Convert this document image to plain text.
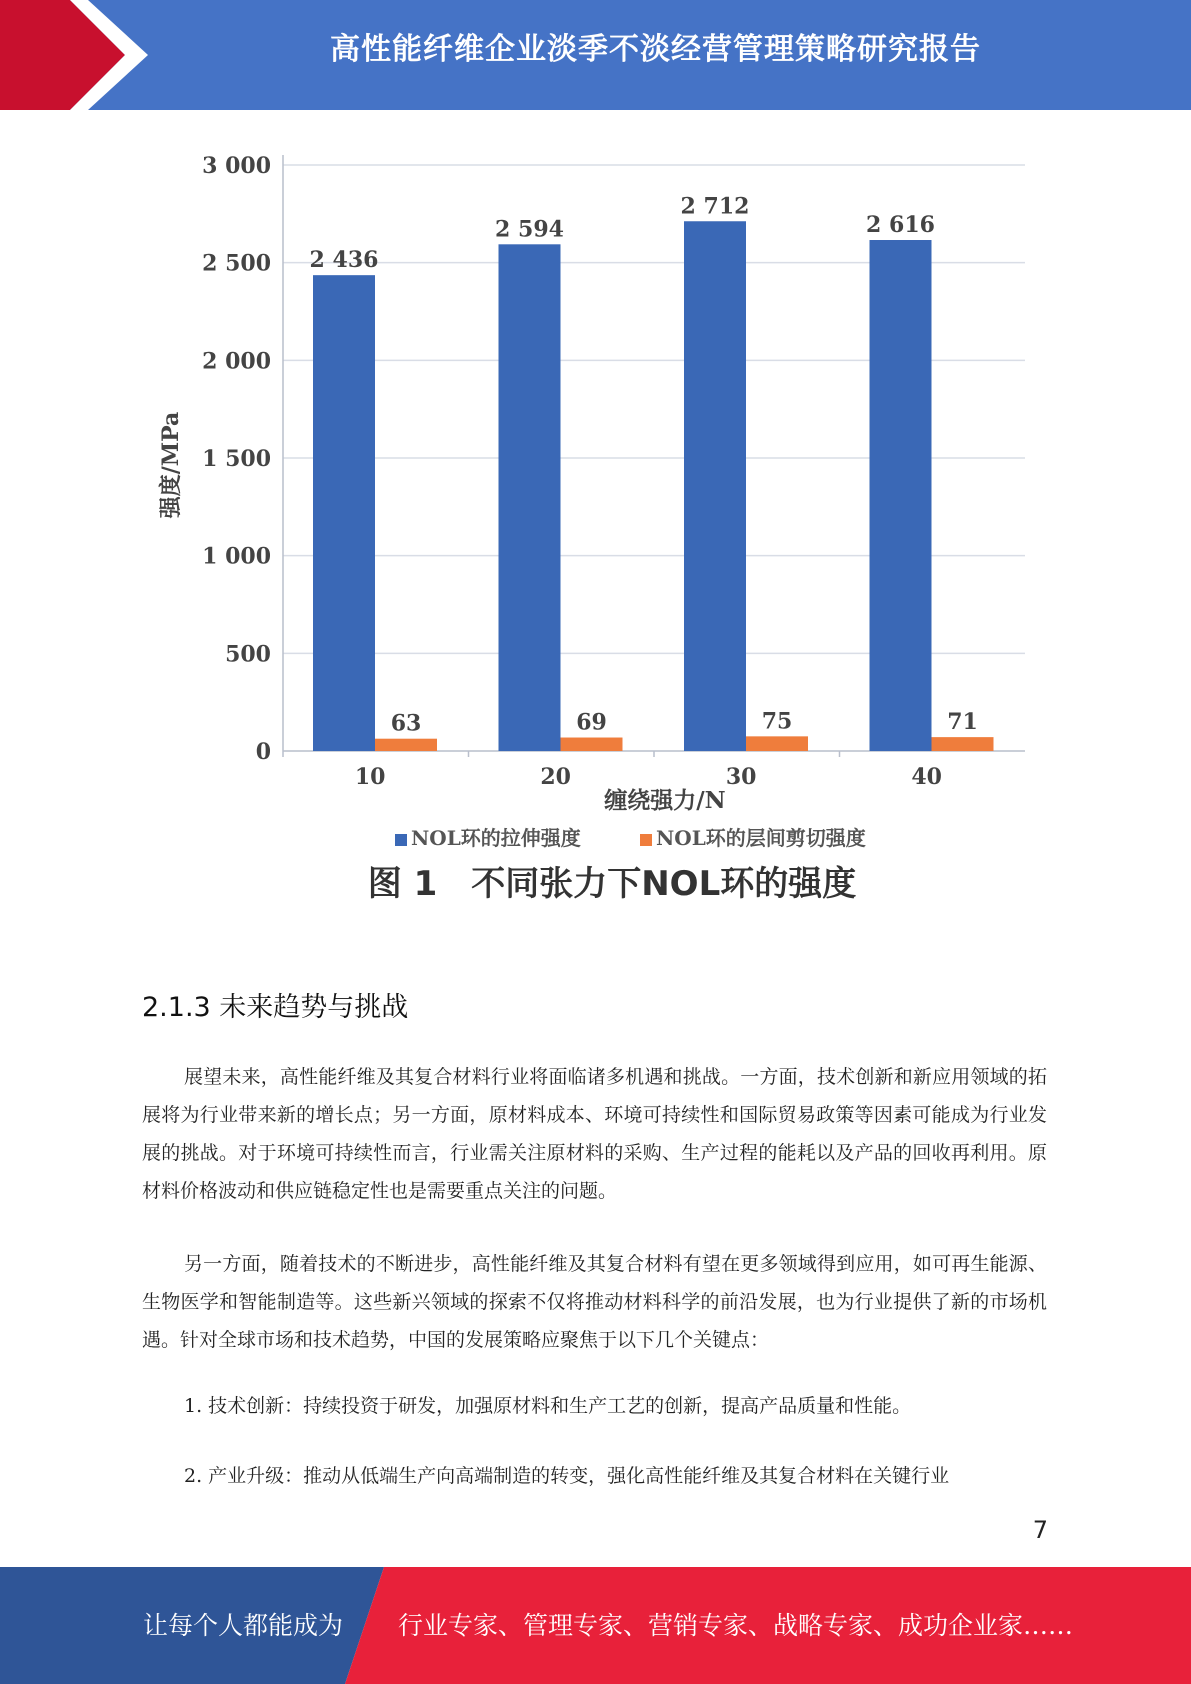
高性能纤维企业淡季不淡经营管理策略研究报告
0
500
1 000
1 500
2 000
2 500
3 000
10	20	30	40
2 436
63
2 594
69
2 712
75
2 616
71
强度/MPa
缠绕强力/N
NOL环的拉伸强度	NOL环的层间剪切强度
图 1　不同张力下NOL环的强度
2.1.3 未来趋势与挑战
展望未来，高性能纤维及其复合材料行业将面临诸多机遇和挑战。一方面，技术创新和新应用领域的拓展将为行业带来新的增长点；另一方面，原材料成本、环境可持续性和国际贸易政策等因素可能成为行业发展的挑战。对于环境可持续性而言，行业需关注原材料的采购、生产过程的能耗以及产品的回收再利用。原材料价格波动和供应链稳定性也是需要重点关注的问题。
另一方面，随着技术的不断进步，高性能纤维及其复合材料有望在更多领域得到应用，如可再生能源、生物医学和智能制造等。这些新兴领域的探索不仅将推动材料科学的前沿发展，也为行业提供了新的市场机遇。针对全球市场和技术趋势，中国的发展策略应聚焦于以下几个关键点：
1. 技术创新：持续投资于研发，加强原材料和生产工艺的创新，提高产品质量和性能。
2. 产业升级：推动从低端生产向高端制造的转变，强化高性能纤维及其复合材料在关键行业
7
让每个人都能成为 行业专家、管理专家、营销专家、战略专家、成功企业家……
